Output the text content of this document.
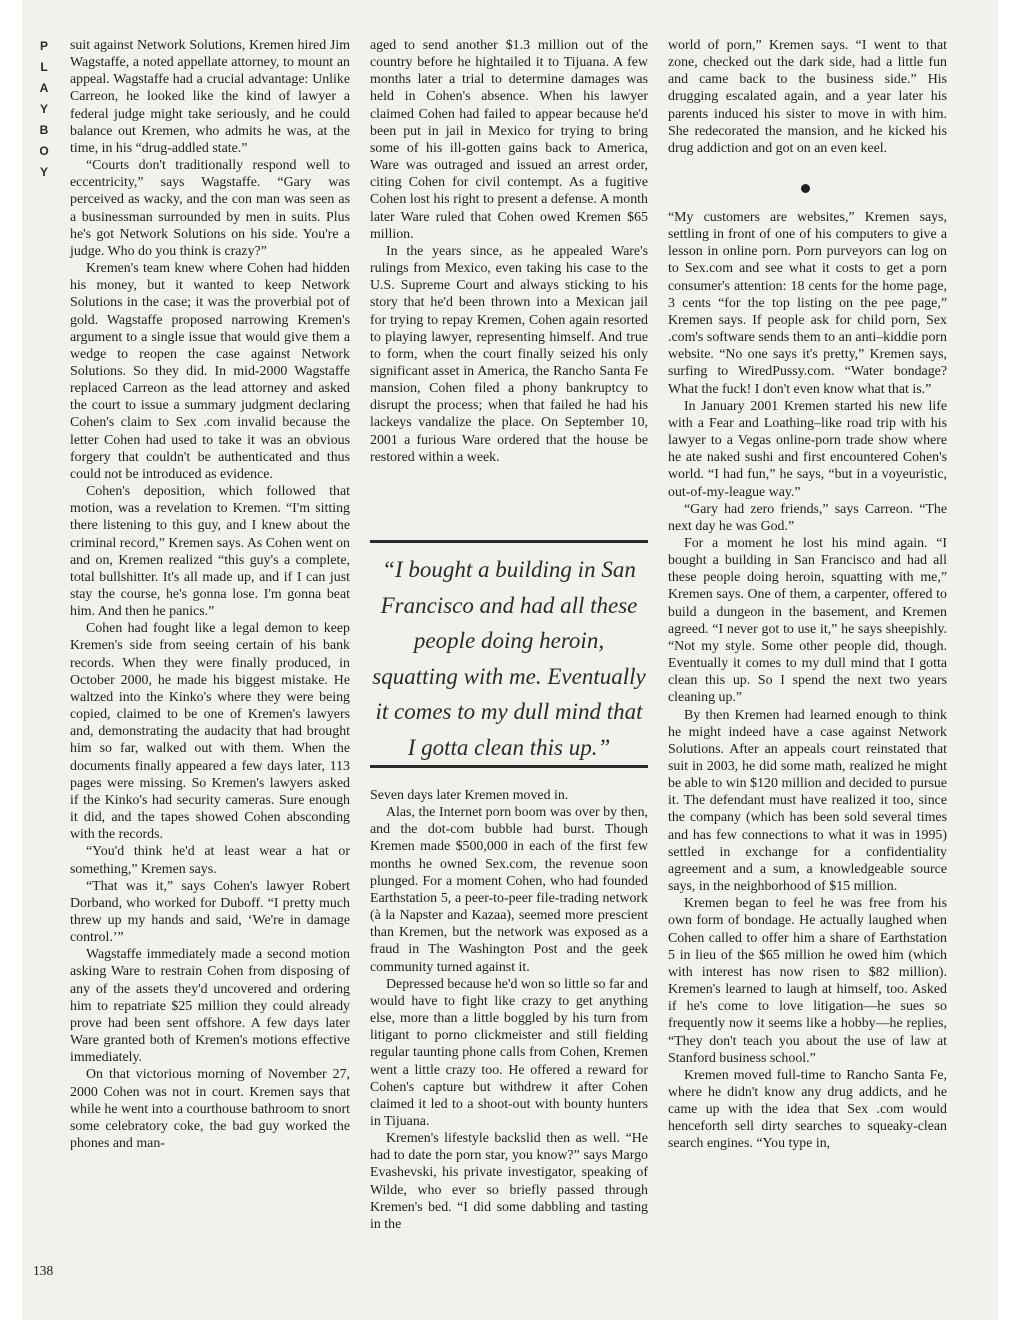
P
L
A
Y
B
O
Y

suit against Network Solutions, Kremen hired Jim Wagstaffe, a noted appellate attorney, to mount an appeal. Wagstaffe had a crucial advantage: Unlike Carreon, he looked like the kind of lawyer a federal judge might take seriously, and he could balance out Kremen, who admits he was, at the time, in his “drug-addled state.”

“Courts don't traditionally respond well to eccentricity,” says Wagstaffe. “Gary was perceived as wacky, and the con man was seen as a businessman surrounded by men in suits. Plus he's got Network Solutions on his side. You're a judge. Who do you think is crazy?”

Kremen's team knew where Cohen had hidden his money, but it wanted to keep Network Solutions in the case; it was the proverbial pot of gold. Wagstaffe proposed narrowing Kremen's argument to a single issue that would give them a wedge to reopen the case against Network Solutions. So they did. In mid-2000 Wagstaffe replaced Carreon as the lead attorney and asked the court to issue a summary judgment declaring Cohen's claim to Sex .com invalid because the letter Cohen had used to take it was an obvious forgery that couldn't be authenticated and thus could not be introduced as evidence.

Cohen's deposition, which followed that motion, was a revelation to Kremen. “I'm sitting there listening to this guy, and I knew about the criminal record,” Kremen says. As Cohen went on and on, Kremen realized “this guy's a complete, total bullshitter. It's all made up, and if I can just stay the course, he's gonna lose. I'm gonna beat him. And then he panics.”

Cohen had fought like a legal demon to keep Kremen's side from seeing certain of his bank records. When they were finally produced, in October 2000, he made his biggest mistake. He waltzed into the Kinko's where they were being copied, claimed to be one of Kremen's lawyers and, demonstrating the audacity that had brought him so far, walked out with them. When the documents finally appeared a few days later, 113 pages were missing. So Kremen's lawyers asked if the Kinko's had security cameras. Sure enough it did, and the tapes showed Cohen absconding with the records.

“You'd think he'd at least wear a hat or something,” Kremen says.

“That was it,” says Cohen's lawyer Robert Dorband, who worked for Duboff. “I pretty much threw up my hands and said, ‘We're in damage control.’”

Wagstaffe immediately made a second motion asking Ware to restrain Cohen from disposing of any of the assets they'd uncovered and ordering him to repatriate $25 million they could already prove had been sent offshore. A few days later Ware granted both of Kremen's motions effective immediately.

On that victorious morning of November 27, 2000 Cohen was not in court. Kremen says that while he went into a courthouse bathroom to snort some celebratory coke, the bad guy worked the phones and man-

138

aged to send another $1.3 million out of the country before he hightailed it to Tijuana. A few months later a trial to determine damages was held in Cohen's absence. When his lawyer claimed Cohen had failed to appear because he'd been put in jail in Mexico for trying to bring some of his ill-gotten gains back to America, Ware was outraged and issued an arrest order, citing Cohen for civil contempt. As a fugitive Cohen lost his right to present a defense. A month later Ware ruled that Cohen owed Kremen $65 million.

In the years since, as he appealed Ware's rulings from Mexico, even taking his case to the U.S. Supreme Court and always sticking to his story that he'd been thrown into a Mexican jail for trying to repay Kremen, Cohen again resorted to playing lawyer, representing himself. And true to form, when the court finally seized his only significant asset in America, the Rancho Santa Fe mansion, Cohen filed a phony bankruptcy to disrupt the process; when that failed he had his lackeys vandalize the place. On September 10, 2001 a furious Ware ordered that the house be restored within a week.

“I bought a building in San Francisco and had all these people doing heroin, squatting with me. Eventually it comes to my dull mind that I gotta clean this up.”

Seven days later Kremen moved in.

Alas, the Internet porn boom was over by then, and the dot-com bubble had burst. Though Kremen made $500,000 in each of the first few months he owned Sex.com, the revenue soon plunged. For a moment Cohen, who had founded Earthstation 5, a peer-to-peer file-trading network (à la Napster and Kazaa), seemed more prescient than Kremen, but the network was exposed as a fraud in The Washington Post and the geek community turned against it.

Depressed because he'd won so little so far and would have to fight like crazy to get anything else, more than a little boggled by his turn from litigant to porno clickmeister and still fielding regular taunting phone calls from Cohen, Kremen went a little crazy too. He offered a reward for Cohen's capture but withdrew it after Cohen claimed it led to a shoot-out with bounty hunters in Tijuana.

Kremen's lifestyle backslid then as well. “He had to date the porn star, you know?” says Margo Evashevski, his private investigator, speaking of Wilde, who ever so briefly passed through Kremen's bed. “I did some dabbling and tasting in the

world of porn,” Kremen says. “I went to that zone, checked out the dark side, had a little fun and came back to the business side.” His drugging escalated again, and a year later his parents induced his sister to move in with him. She redecorated the mansion, and he kicked his drug addiction and got on an even keel.

“My customers are websites,” Kremen says, settling in front of one of his computers to give a lesson in online porn. Porn purveyors can log on to Sex.com and see what it costs to get a porn consumer's attention: 18 cents for the home page, 3 cents “for the top listing on the pee page,” Kremen says. If people ask for child porn, Sex .com's software sends them to an anti–kiddie porn website. “No one says it's pretty,” Kremen says, surfing to WiredPussy.com. “Water bondage? What the fuck! I don't even know what that is.”

In January 2001 Kremen started his new life with a Fear and Loathing–like road trip with his lawyer to a Vegas online-porn trade show where he ate naked sushi and first encountered Cohen's world. “I had fun,” he says, “but in a voyeuristic, out-of-my-league way.”

“Gary had zero friends,” says Carreon. “The next day he was God.”

For a moment he lost his mind again. “I bought a building in San Francisco and had all these people doing heroin, squatting with me,” Kremen says. One of them, a carpenter, offered to build a dungeon in the basement, and Kremen agreed. “I never got to use it,” he says sheepishly. “Not my style. Some other people did, though. Eventually it comes to my dull mind that I gotta clean this up. So I spend the next two years cleaning up.”

By then Kremen had learned enough to think he might indeed have a case against Network Solutions. After an appeals court reinstated that suit in 2003, he did some math, realized he might be able to win $120 million and decided to pursue it. The defendant must have realized it too, since the company (which has been sold several times and has few connections to what it was in 1995) settled in exchange for a confidentiality agreement and a sum, a knowledgeable source says, in the neighborhood of $15 million.

Kremen began to feel he was free from his own form of bondage. He actually laughed when Cohen called to offer him a share of Earthstation 5 in lieu of the $65 million he owed him (which with interest has now risen to $82 million). Kremen's learned to laugh at himself, too. Asked if he's come to love litigation—he sues so frequently now it seems like a hobby—he replies, “They don't teach you about the use of law at Stanford business school.”

Kremen moved full-time to Rancho Santa Fe, where he didn't know any drug addicts, and he came up with the idea that Sex .com would henceforth sell dirty searches to squeaky-clean search engines. “You type in,
